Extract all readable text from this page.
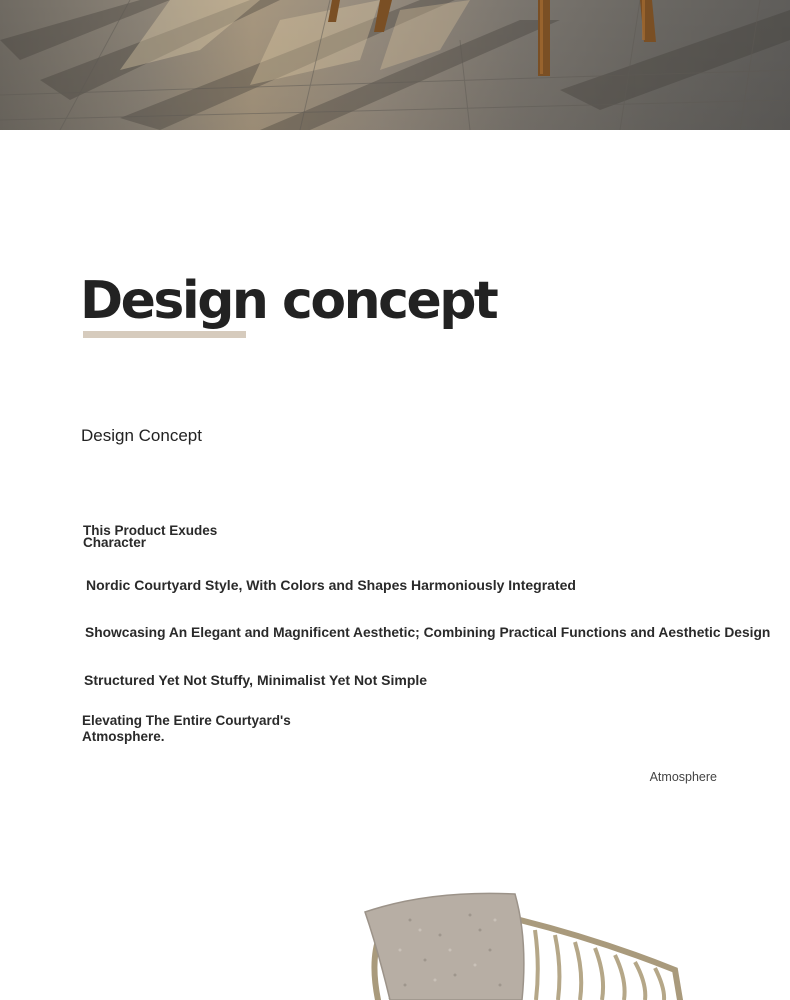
Design concept
Design Concept

This Product Exudes Character

Nordic Courtyard Style, With Colors and Shapes Harmoniously Integrated

Showcasing An Elegant and Magnificent Aesthetic; Combining Practical Functions and Aesthetic Design

Structured Yet Not Stuffy, Minimalist Yet Not Simple

Elevating The Entire Courtyard's Atmosphere.

Atmosphere
